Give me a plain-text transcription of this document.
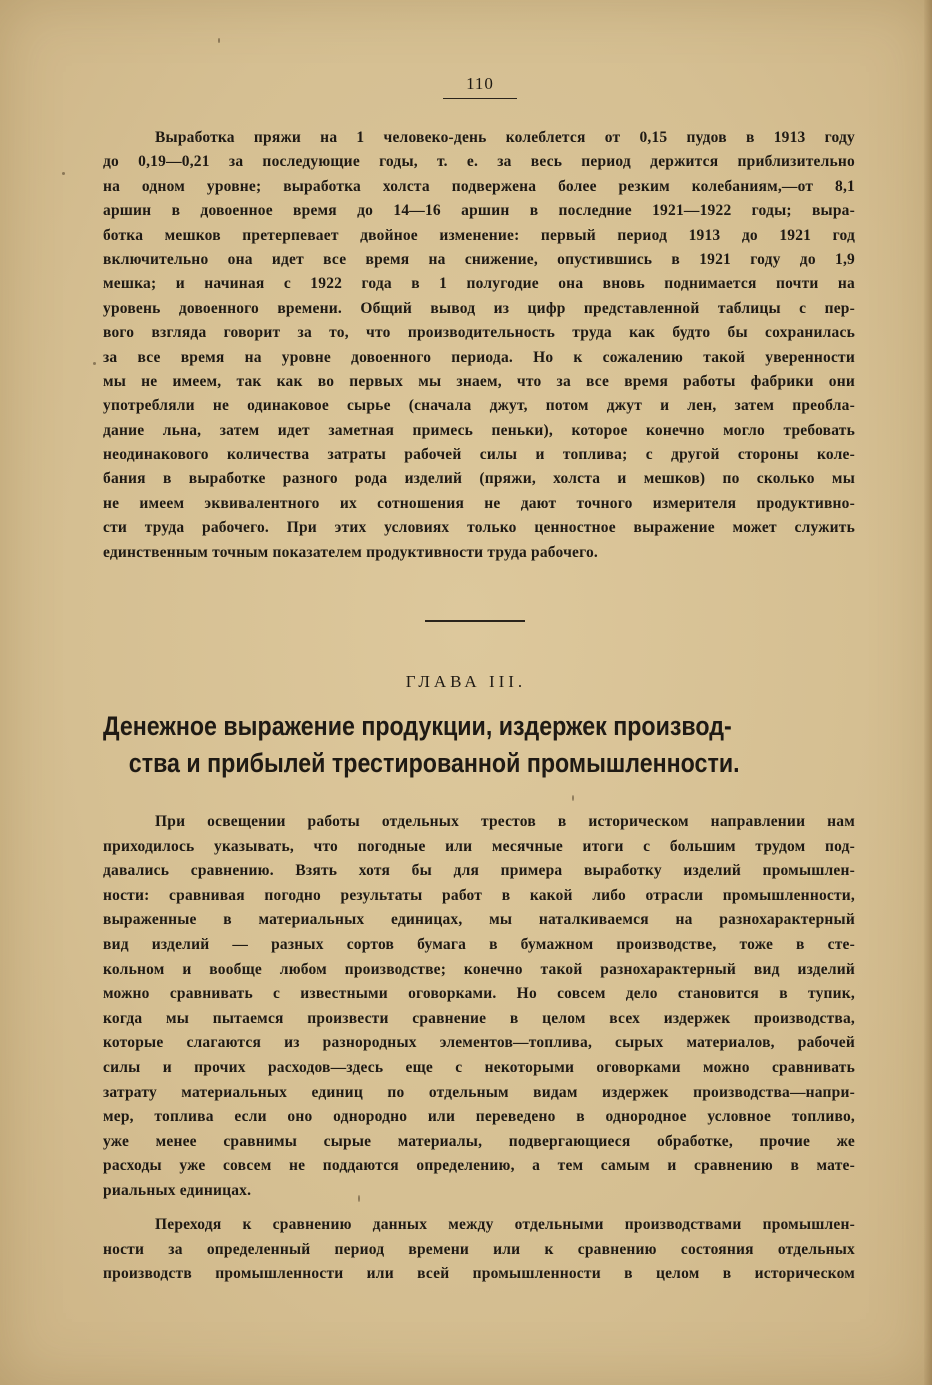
110
Выработка пряжи на 1 человеко-день колеблется от 0,15 пудов в 1913 году
до 0,19—0,21 за последующие годы, т. е. за весь период держится приблизительно
на одном уровне; выработка холста подвержена более резким колебаниям,—от 8,1
аршин в довоенное время до 14—16 аршин в последние 1921—1922 годы; выра-
ботка мешков претерпевает двойное изменение: первый период 1913 до 1921 год
включительно она идет все время на снижение, опустившись в 1921 году до 1,9
мешка; и начиная с 1922 года в 1 полугодие она вновь поднимается почти на
уровень довоенного времени. Общий вывод из цифр представленной таблицы с пер-
вого взгляда говорит за то, что производительность труда как будто бы сохранилась
за все время на уровне довоенного периода. Но к сожалению такой уверенности
мы не имеем, так как во первых мы знаем, что за все время работы фабрики они
употребляли не одинаковое сырье (сначала джут, потом джут и лен, затем преобла-
дание льна, затем идет заметная примесь пеньки), которое конечно могло требовать
неодинакового количества затраты рабочей силы и топлива; с другой стороны коле-
бания в выработке разного рода изделий (пряжи, холста и мешков) по сколько мы
не имеем эквивалентного их сотношения не дают точного измерителя продуктивно-
сти труда рабочего. При этих условиях только ценностное выражение может служить
единственным точным показателем продуктивности труда рабочего.
ГЛАВА III.
Денежное выражение продукции, издержек производ-
ства и прибылей трестированной промышленности.
При освещении работы отдельных трестов в историческом направлении нам
приходилось указывать, что погодные или месячные итоги с большим трудом под-
давались сравнению. Взять хотя бы для примера выработку изделий промышлен-
ности: сравнивая погодно результаты работ в какой либо отрасли промышленности,
выраженные в материальных единицах, мы наталкиваемся на разнохарактерный
вид изделий — разных сортов бумага в бумажном производстве, тоже в сте-
кольном и вообще любом производстве; конечно такой разнохарактерный вид изделий
можно сравнивать с известными оговорками. Но совсем дело становится в тупик,
когда мы пытаемся произвести сравнение в целом всех издержек производства,
которые слагаются из разнородных элементов—топлива, сырых материалов, рабочей
силы и прочих расходов—здесь еще с некоторыми оговорками можно сравнивать
затрату материальных единиц по отдельным видам издержек производства—напри-
мер, топлива если оно однородно или переведено в однородное условное топливо,
уже менее сравнимы сырые материалы, подвергающиеся обработке, прочие же
расходы уже совсем не поддаются определению, а тем самым и сравнению в мате-
риальных единицах.
Переходя к сравнению данных между отдельными производствами промышлен-
ности за определенный период времени или к сравнению состояния отдельных
производств промышленности или всей промышленности в целом в историческом
